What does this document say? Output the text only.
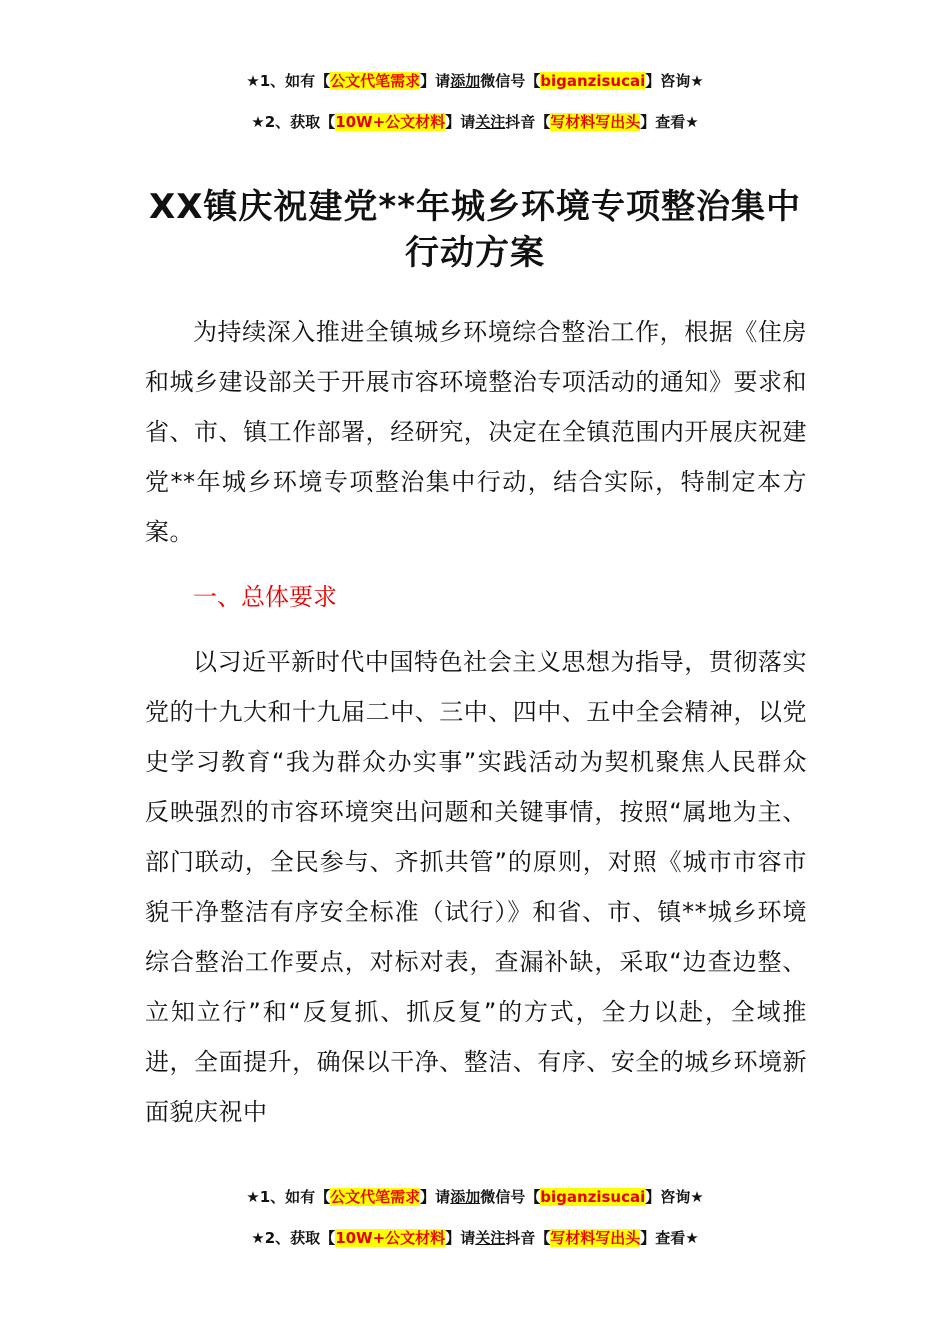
★1、如有【公文代笔需求】请添加微信号【biganzisucai】咨询★
★2、获取【10W+公文材料】请关注抖音【写材料写出头】查看★
XX镇庆祝建党**年城乡环境专项整治集中
行动方案
为持续深入推进全镇城乡环境综合整治工作，根据《住房和城乡建设部关于开展市容环境整治专项活动的通知》要求和省、市、镇工作部署，经研究，决定在全镇范围内开展庆祝建党**年城乡环境专项整治集中行动，结合实际，特制定本方案。
一、总体要求
以习近平新时代中国特色社会主义思想为指导，贯彻落实党的十九大和十九届二中、三中、四中、五中全会精神，以党史学习教育“我为群众办实事”实践活动为契机聚焦人民群众反映强烈的市容环境突出问题和关键事情，按照“属地为主、部门联动，全民参与、齐抓共管”的原则，对照《城市市容市貌干净整洁有序安全标准（试行）》和省、市、镇**城乡环境综合整治工作要点，对标对表，查漏补缺，采取“边查边整、立知立行”和“反复抓、抓反复”的方式，全力以赴，全域推进，全面提升，确保以干净、整洁、有序、安全的城乡环境新面貌庆祝中
★1、如有【公文代笔需求】请添加微信号【biganzisucai】咨询★
★2、获取【10W+公文材料】请关注抖音【写材料写出头】查看★
